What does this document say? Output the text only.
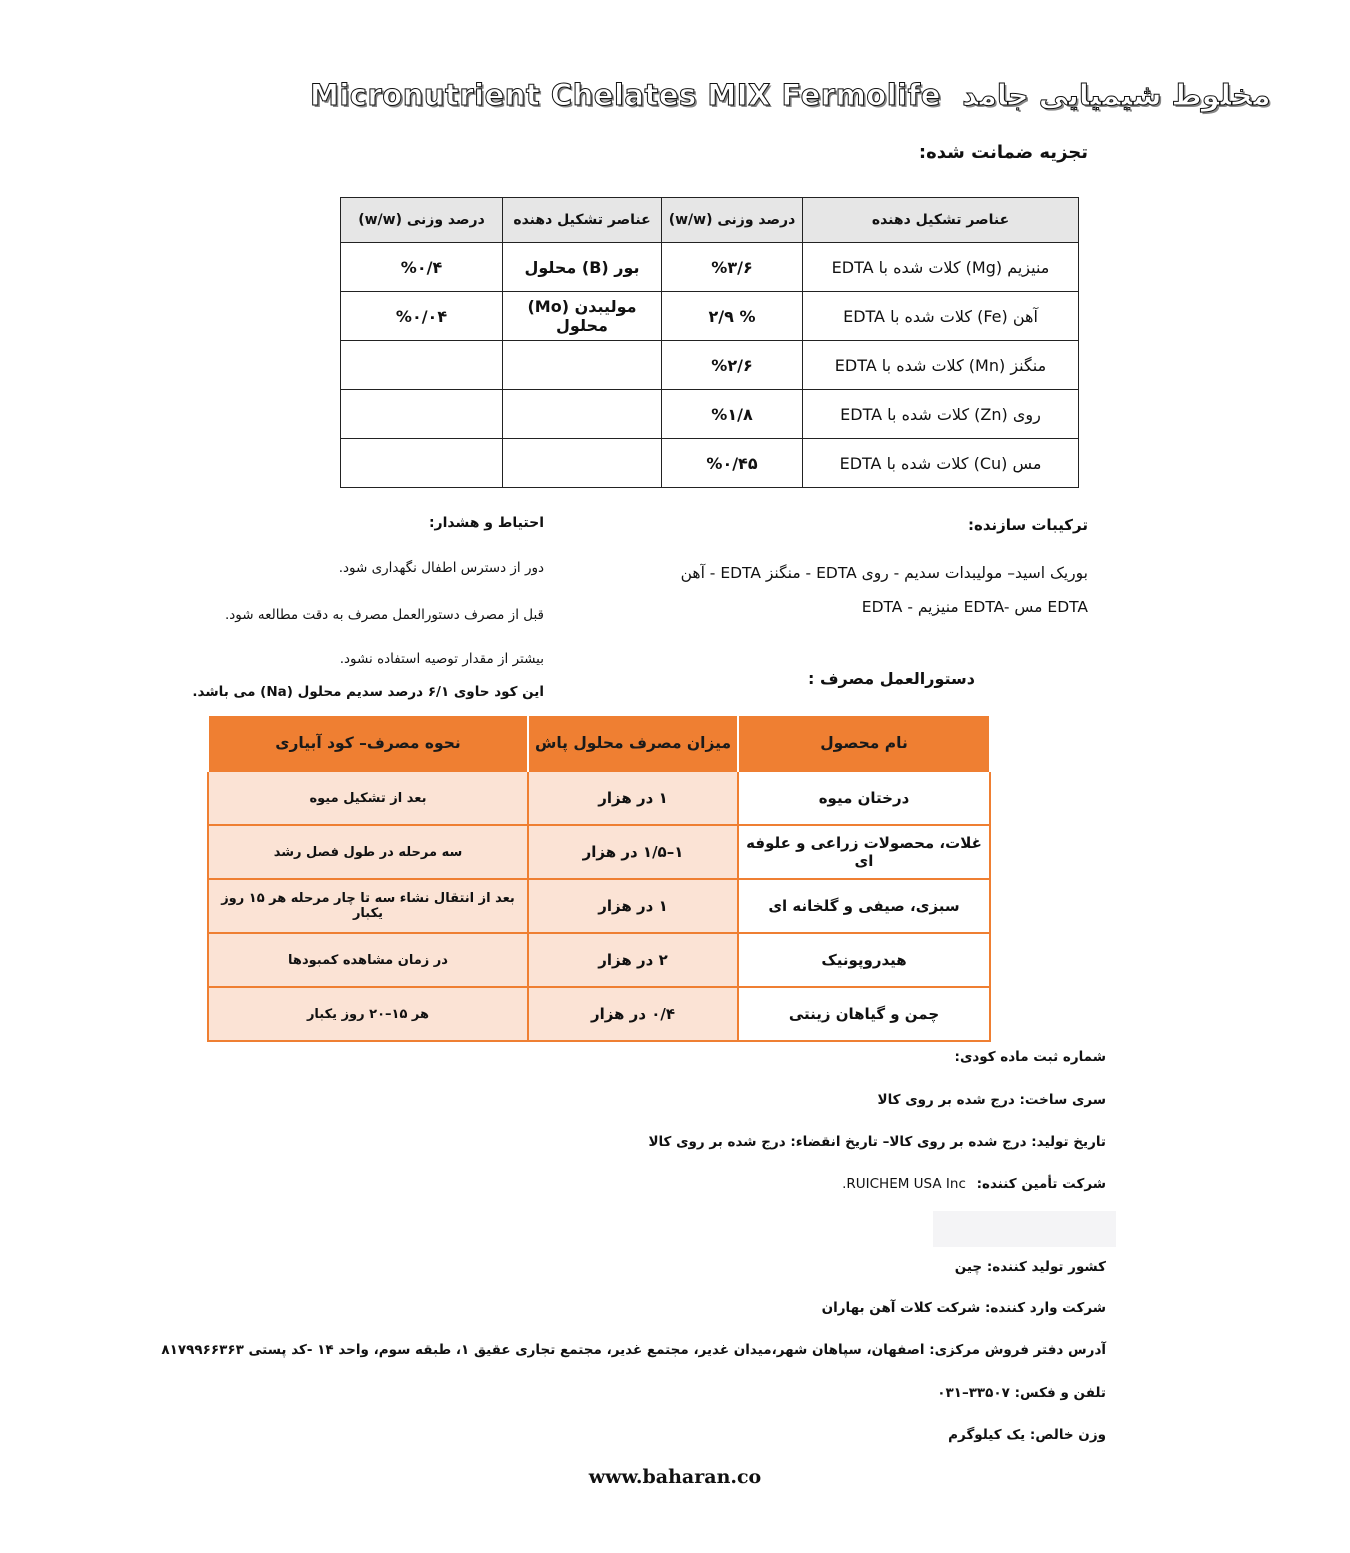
Micronutrient Chelates MIX Fermolife مخلوط شیمیایی جامد
تجزیه ضمانت شده:
عناصر تشکیل دهنده	درصد وزنی (w/w)	عناصر تشکیل دهنده	درصد وزنی (w/w)
منیزیم (Mg) کلات شده با EDTA	%۳/۶	بور (B) محلول	%۰/۴
آهن (Fe) کلات شده با EDTA	% ۲/۹	مولیبدن (Mo) محلول	%۰/۰۴
منگنز (Mn) کلات شده با EDTA	%۲/۶		
روی (Zn) کلات شده با EDTA	%۱/۸		
مس (Cu) کلات شده با EDTA	%۰/۴۵		
ترکیبات سازنده:
بوریک اسید– مولیبدات سدیم - روی EDTA - منگنز EDTA - آهن
EDTA - منیزیم EDTA- مس EDTA
احتیاط و هشدار:
دور از دسترس اطفال نگهداری شود.
قبل از مصرف دستورالعمل مصرف به دقت مطالعه شود.
بیشتر از مقدار توصیه استفاده نشود.
این کود حاوی ۶/۱ درصد سدیم محلول (Na) می باشد.
دستورالعمل مصرف :
نام محصول	میزان مصرف محلول پاش	نحوه مصرف– کود آبیاری
درختان میوه	۱ در هزار	بعد از تشکیل میوه
غلات، محصولات زراعی و علوفه ای	۱–۱/۵ در هزار	سه مرحله در طول فصل رشد
سبزی، صیفی و گلخانه ای	۱ در هزار	بعد از انتقال نشاء سه تا چار مرحله هر ۱۵ روز یکبار
هیدروپونیک	۲ در هزار	در زمان مشاهده کمبودها
چمن و گیاهان زینتی	۰/۴ در هزار	هر ۱۵–۲۰ روز یکبار
شماره ثبت ماده کودی:
سری ساخت: درج شده بر روی کالا
تاریخ تولید: درج شده بر روی کالا– تاریخ انقضاء: درج شده بر روی کالا
شرکت تأمین کننده: RUICHEM USA Inc.
کشور تولید کننده: چین
شرکت وارد کننده: شرکت کلات آهن بهاران
آدرس دفتر فروش مرکزی: اصفهان، سپاهان شهر،میدان غدیر، مجتمع غدیر، مجتمع تجاری عقیق ۱، طبقه سوم، واحد ۱۴ -کد پستی ۸۱۷۹۹۶۶۳۶۳
تلفن و فکس: ۳۳۵۰۷–۰۳۱
وزن خالص: یک کیلوگرم
www.baharan.co
